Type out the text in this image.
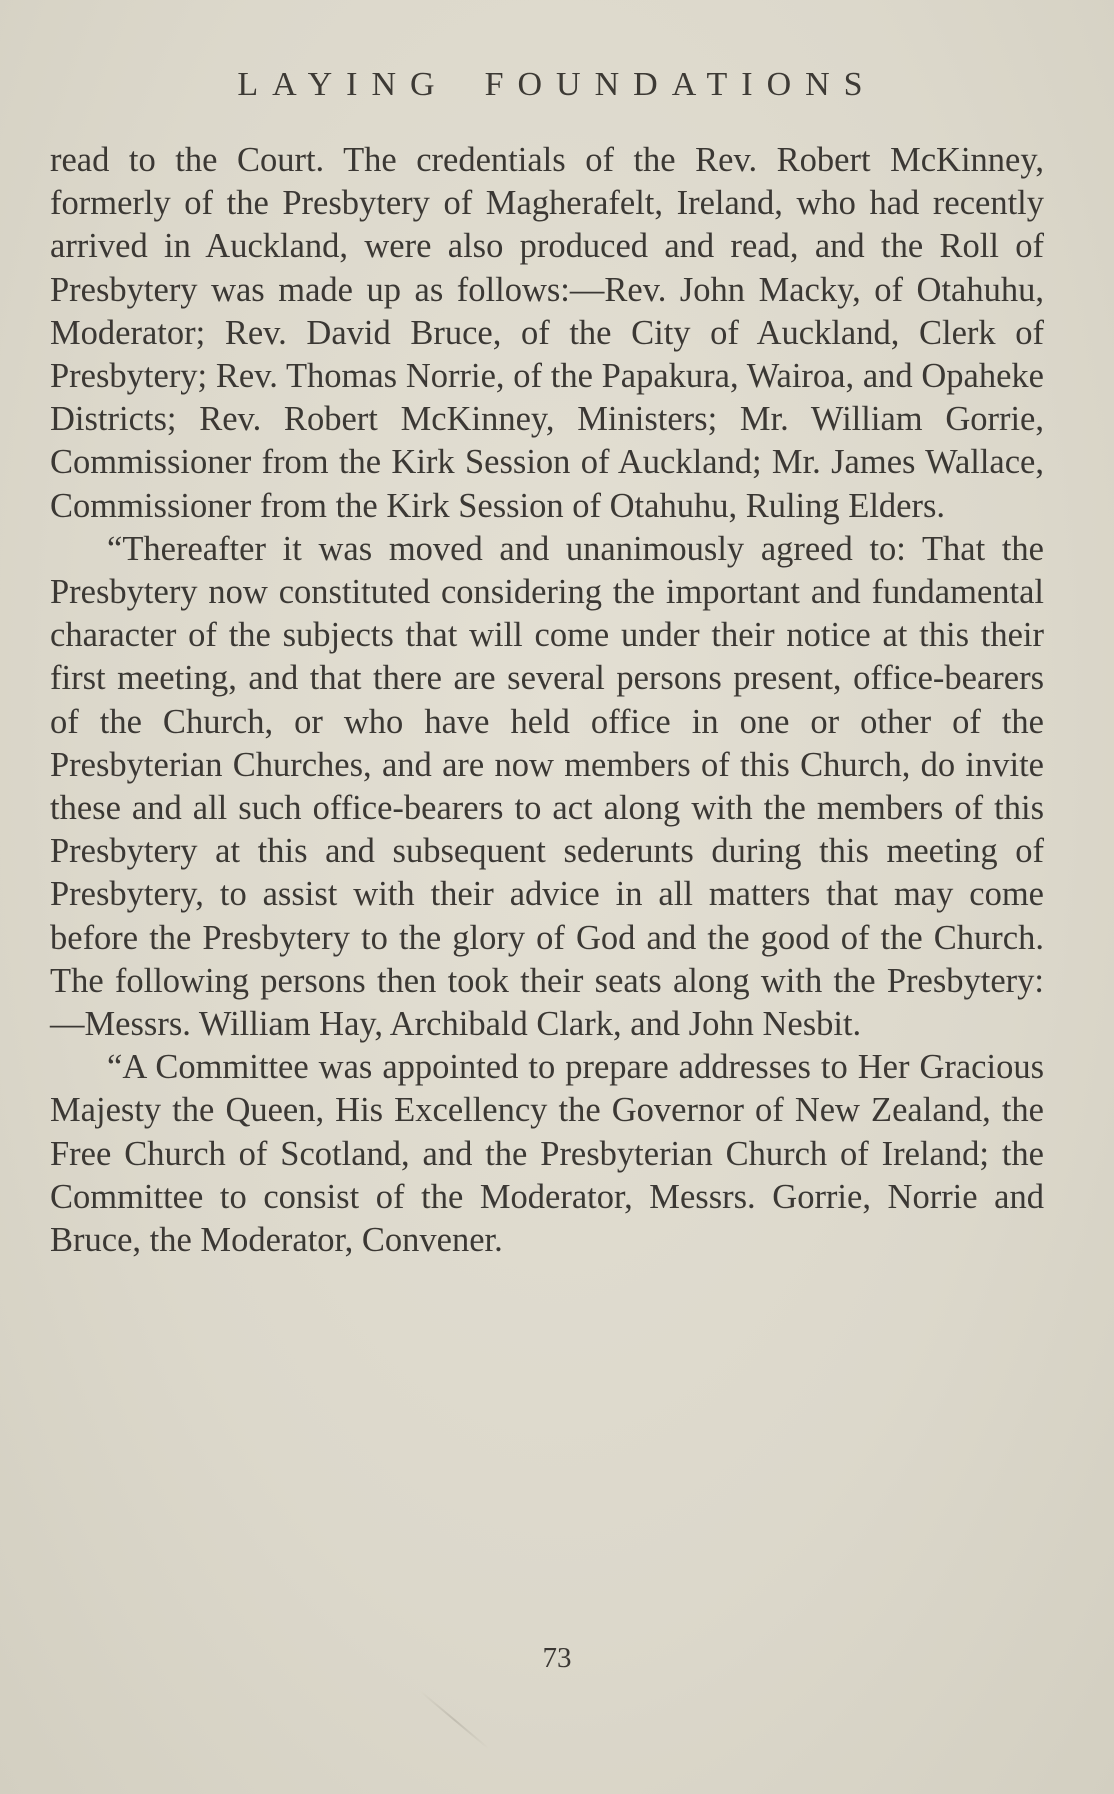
LAYING FOUNDATIONS

read to the Court. The credentials of the Rev. Robert McKinney, formerly of the Presbytery of Magherafelt, Ireland, who had recently arrived in Auckland, were also produced and read, and the Roll of Presbytery was made up as follows:—Rev. John Macky, of Otahuhu, Moderator; Rev. David Bruce, of the City of Auckland, Clerk of Presbytery; Rev. Thomas Norrie, of the Papakura, Wairoa, and Opaheke Districts; Rev. Robert McKinney, Ministers; Mr. William Gorrie, Commissioner from the Kirk Session of Auckland; Mr. James Wallace, Commissioner from the Kirk Session of Otahuhu, Ruling Elders.

“Thereafter it was moved and unanimously agreed to: That the Presbytery now constituted considering the important and fundamental character of the subjects that will come under their notice at this their first meeting, and that there are several persons present, office-bearers of the Church, or who have held office in one or other of the Presbyterian Churches, and are now members of this Church, do invite these and all such office-bearers to act along with the members of this Presbytery at this and subsequent sederunts during this meeting of Presbytery, to assist with their advice in all matters that may come before the Presbytery to the glory of God and the good of the Church. The following persons then took their seats along with the Presbytery:—Messrs. William Hay, Archibald Clark, and John Nesbit.

“A Committee was appointed to prepare addresses to Her Gracious Majesty the Queen, His Excellency the Governor of New Zealand, the Free Church of Scotland, and the Presbyterian Church of Ireland; the Committee to consist of the Moderator, Messrs. Gorrie, Norrie and Bruce, the Moderator, Convener.

73
